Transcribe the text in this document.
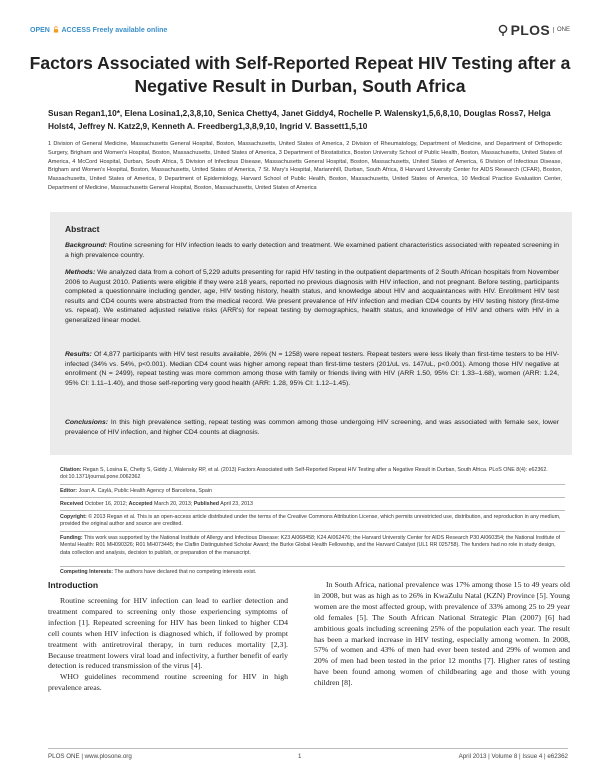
OPEN ACCESS Freely available online	PLOS	ONE
Factors Associated with Self-Reported Repeat HIV Testing after a Negative Result in Durban, South Africa
Susan Regan1,10*, Elena Losina1,2,3,8,10, Senica Chetty4, Janet Giddy4, Rochelle P. Walensky1,5,6,8,10, Douglas Ross7, Helga Holst4, Jeffrey N. Katz2,9, Kenneth A. Freedberg1,3,8,9,10, Ingrid V. Bassett1,5,10
1 Division of General Medicine, Massachusetts General Hospital, Boston, Massachusetts, United States of America, 2 Division of Rheumatology, Department of Medicine, and Department of Orthopedic Surgery, Brigham and Women's Hospital, Boston, Massachusetts, United States of America, 3 Department of Biostatistics, Boston University School of Public Health, Boston, Massachusetts, United States of America, 4 McCord Hospital, Durban, South Africa, 5 Division of Infectious Disease, Massachusetts General Hospital, Boston, Massachusetts, United States of America, 6 Division of Infectious Disease, Brigham and Women's Hospital, Boston, Massachusetts, United States of America, 7 St. Mary's Hospital, Mariannhill, Durban, South Africa, 8 Harvard University Center for AIDS Research (CFAR), Boston, Massachusetts, United States of America, 9 Department of Epidemiology, Harvard School of Public Health, Boston, Massachusetts, United States of America, 10 Medical Practice Evaluation Center, Department of Medicine, Massachusetts General Hospital, Boston, Massachusetts, United States of America
Abstract
Background: Routine screening for HIV infection leads to early detection and treatment. We examined patient characteristics associated with repeated screening in a high prevalence country.
Methods: We analyzed data from a cohort of 5,229 adults presenting for rapid HIV testing in the outpatient departments of 2 South African hospitals from November 2006 to August 2010. Patients were eligible if they were ≥18 years, reported no previous diagnosis with HIV infection, and not pregnant. Before testing, participants completed a questionnaire including gender, age, HIV testing history, health status, and knowledge about HIV and acquaintances with HIV. Enrollment HIV test results and CD4 counts were abstracted from the medical record. We present prevalence of HIV infection and median CD4 counts by HIV testing history (first-time vs. repeat). We estimated adjusted relative risks (ARR's) for repeat testing by demographics, health status, and knowledge of HIV and others with HIV in a generalized linear model.
Results: Of 4,877 participants with HIV test results available, 26% (N = 1258) were repeat testers. Repeat testers were less likely than first-time testers to be HIV-infected (34% vs. 54%, p<0.001). Median CD4 count was higher among repeat than first-time testers (201/uL vs. 147/uL, p<0.001). Among those HIV negative at enrollment (N = 2499), repeat testing was more common among those with family or friends living with HIV (ARR 1.50, 95% CI: 1.33–1.68), women (ARR: 1.24, 95% CI: 1.11–1.40), and those self-reporting very good health (ARR: 1.28, 95% CI: 1.12–1.45).
Conclusions: In this high prevalence setting, repeat testing was common among those undergoing HIV screening, and was associated with female sex, lower prevalence of HIV infection, and higher CD4 counts at diagnosis.
Citation: Regan S, Losina E, Chetty S, Giddy J, Walensky RP, et al. (2013) Factors Associated with Self-Reported Repeat HIV Testing after a Negative Result in Durban, South Africa. PLoS ONE 8(4): e62362. doi:10.1371/journal.pone.0062362
Editor: Joan A. Caylà, Public Health Agency of Barcelona, Spain
Received October 16, 2012; Accepted March 20, 2013; Published April 23, 2013
Copyright: © 2013 Regan et al. This is an open-access article distributed under the terms of the Creative Commons Attribution License, which permits unrestricted use, distribution, and reproduction in any medium, provided the original author and source are credited.
Funding: This work was supported by the National Institute of Allergy and Infectious Disease: K23 AI068458; K24 AI062476; the Harvard University Center for AIDS Research P30 AI060354; the National Institute of Mental Health: R01 MH090326; R01 MH073445; the Claflin Distinguished Scholar Award; the Burke Global Health Fellowship, and the Harvard Catalyst (UL1 RR 025758). The funders had no role in study design, data collection and analysis, decision to publish, or preparation of the manuscript.
Introduction

Routine screening for HIV infection can lead to earlier detection and treatment compared to screening only those experiencing symptoms of infection [1]. Repeated screening for HIV has been linked to higher CD4 cell counts when HIV infection is diagnosed which, if followed by prompt treatment with antiretroviral therapy, in turn reduces mortality [2,3]. Because treatment lowers viral load and infectivity, a further benefit of early detection is reduced transmission of the virus [4].

WHO guidelines recommend routine screening for HIV in high prevalence areas.

In South Africa, national prevalence was 17% among those 15 to 49 years old in 2008, but was as high as to 26% in KwaZulu Natal (KZN) Province [5]. Young women are the most affected group, with prevalence of 33% among 25 to 29 year old females [5]. The South African National Strategic Plan (2007) [6] had ambitious goals including screening 25% of the population each year. The result has been a marked increase in HIV testing, especially among women. In 2008, 57% of women and 43% of men had ever been tested and 29% of women and 20% of men had been tested in the prior 12 months [7]. Higher rates of testing have been found among women of childbearing age and those with young children [8].

Competing Interests: The authors have declared that no competing interests exist.
PLOS ONE | www.plosone.org	1	April 2013 | Volume 8 | Issue 4 | e62362
